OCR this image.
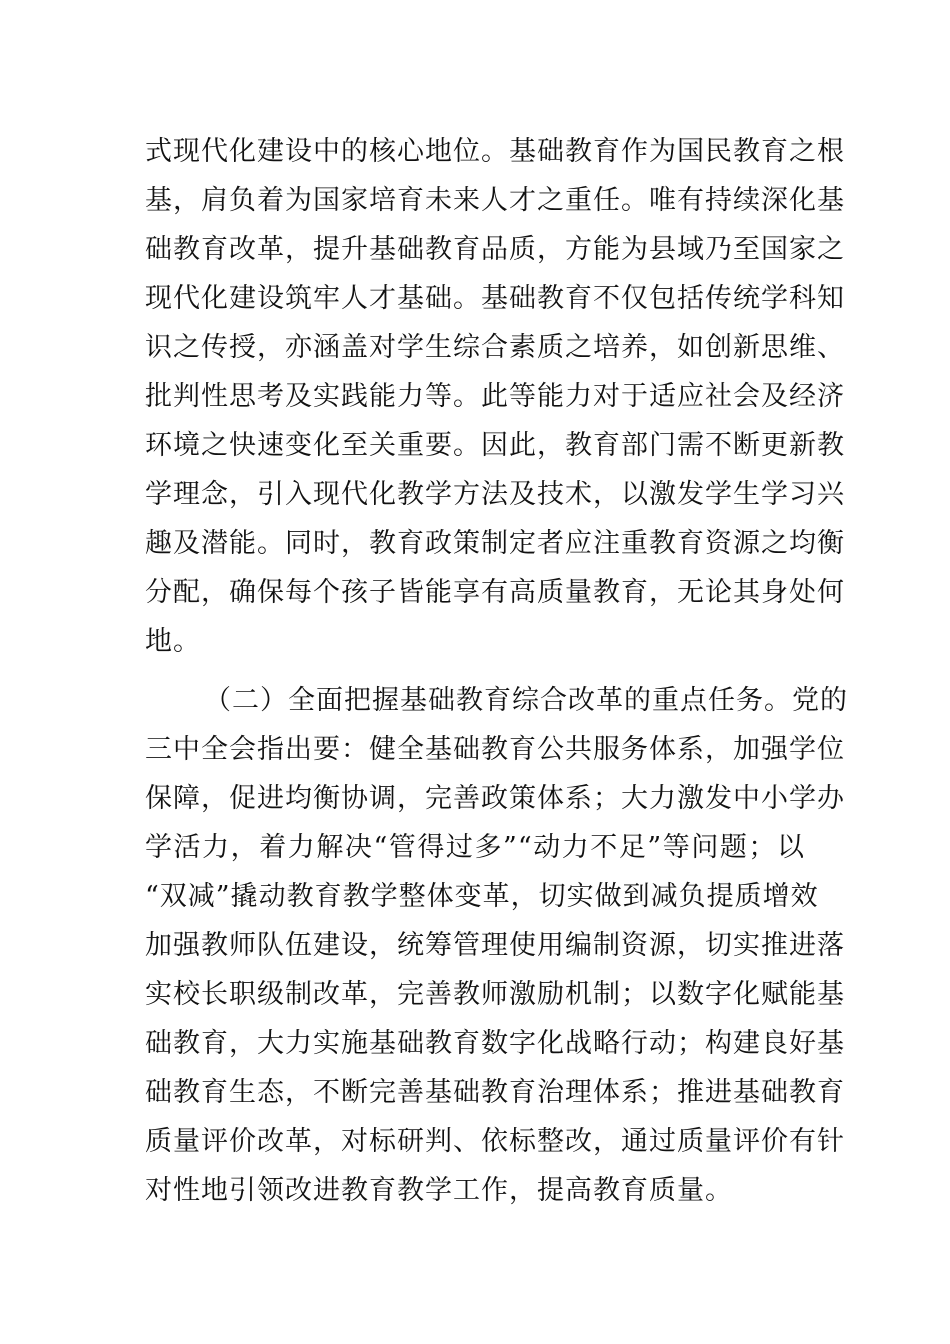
式现代化建设中的核心地位。基础教育作为国民教育之根
基，肩负着为国家培育未来人才之重任。唯有持续深化基
础教育改革，提升基础教育品质，方能为县域乃至国家之
现代化建设筑牢人才基础。基础教育不仅包括传统学科知
识之传授，亦涵盖对学生综合素质之培养，如创新思维、
批判性思考及实践能力等。此等能力对于适应社会及经济
环境之快速变化至关重要。因此，教育部门需不断更新教
学理念，引入现代化教学方法及技术，以激发学生学习兴
趣及潜能。同时，教育政策制定者应注重教育资源之均衡
分配，确保每个孩子皆能享有高质量教育，无论其身处何
地。
（二）全面把握基础教育综合改革的重点任务。党的
三中全会指出要：健全基础教育公共服务体系，加强学位
保障，促进均衡协调，完善政策体系；大力激发中小学办
学活力，着力解决“管得过多”“动力不足”等问题；以
“双减”撬动教育教学整体变革，切实做到减负提质增效
加强教师队伍建设，统筹管理使用编制资源，切实推进落
实校长职级制改革，完善教师激励机制；以数字化赋能基
础教育，大力实施基础教育数字化战略行动；构建良好基
础教育生态，不断完善基础教育治理体系；推进基础教育
质量评价改革，对标研判、依标整改，通过质量评价有针
对性地引领改进教育教学工作，提高教育质量。
